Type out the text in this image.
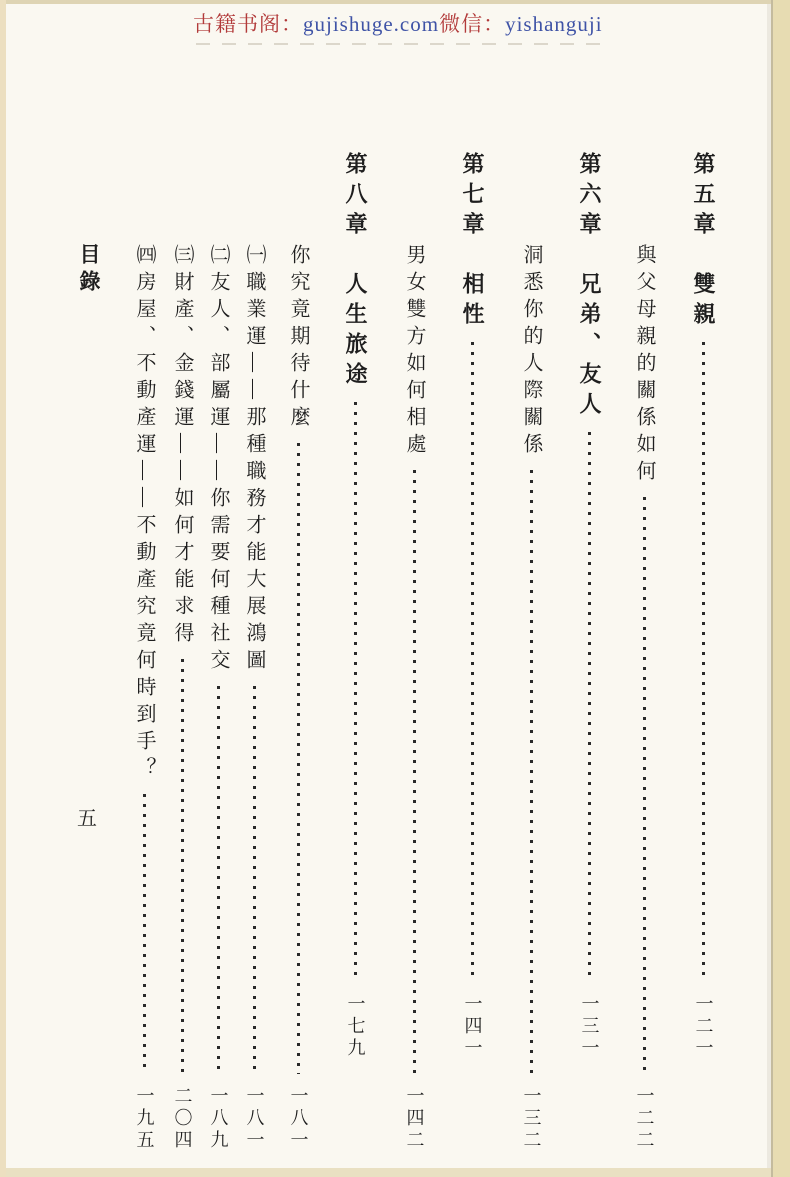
古籍书阁：gujishuge.com微信：yishanguji
目錄
五
第五章　雙親
一二一
與父母親的關係如何
一二二
第六章　兄弟、友人
一三一
洞悉你的人際關係
一三二
第七章　相性
一四一
男女雙方如何相處
一四二
第八章　人生旅途
一七九
你究竟期待什麼
一八一
㈠職業運——那種職務才能大展鴻圖
一八一
㈡友人、部屬運——你需要何種社交
一八九
㈢財產、金錢運——如何才能求得
二〇四
㈣房屋、不動產運——不動產究竟何時到手？
一九五
